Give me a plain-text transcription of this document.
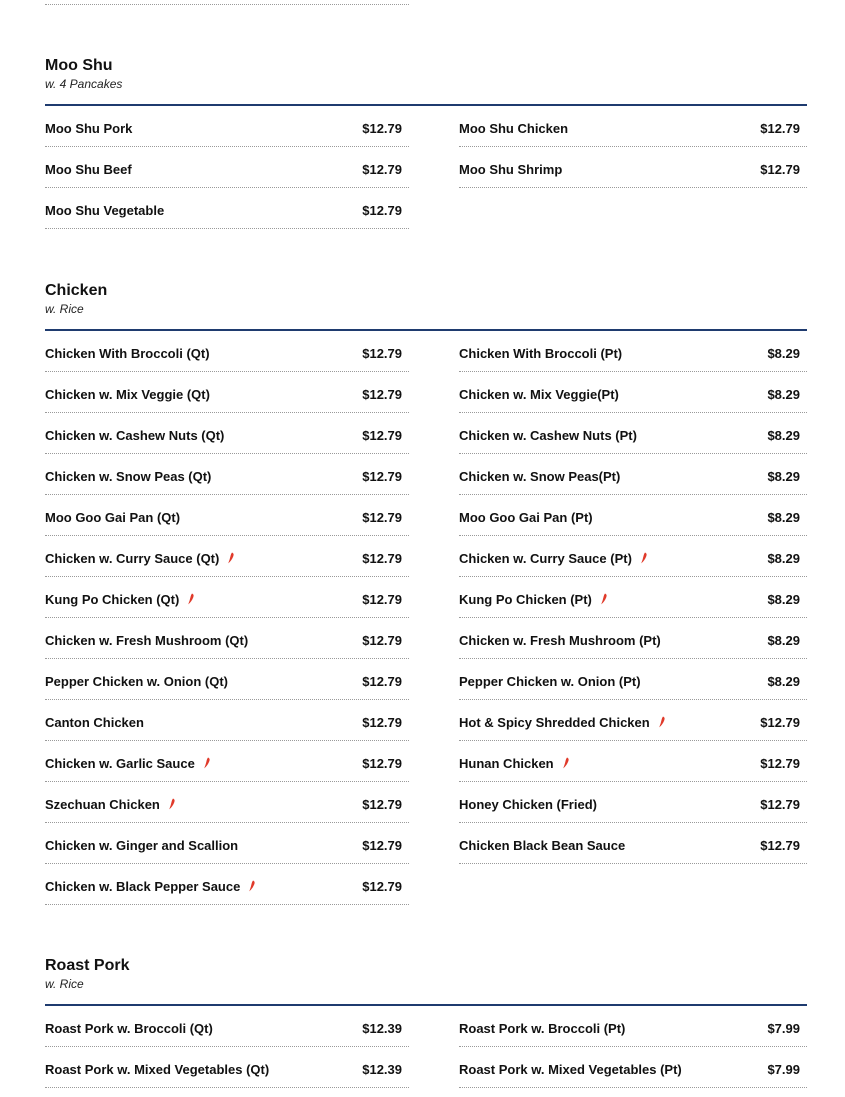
Moo Shu
w. 4 Pancakes
Moo Shu Pork	$12.79
Moo Shu Beef	$12.79
Moo Shu Vegetable	$12.79
Moo Shu Chicken	$12.79
Moo Shu Shrimp	$12.79
Chicken
w. Rice
Chicken With Broccoli (Qt)	$12.79
Chicken w. Mix Veggie (Qt)	$12.79
Chicken w. Cashew Nuts (Qt)	$12.79
Chicken w. Snow Peas (Qt)	$12.79
Moo Goo Gai Pan (Qt)	$12.79
Chicken w. Curry Sauce (Qt)	$12.79
Kung Po Chicken (Qt)	$12.79
Chicken w. Fresh Mushroom (Qt)	$12.79
Pepper Chicken w. Onion (Qt)	$12.79
Canton Chicken	$12.79
Chicken w. Garlic Sauce	$12.79
Szechuan Chicken	$12.79
Chicken w. Ginger and Scallion	$12.79
Chicken w. Black Pepper Sauce	$12.79
Chicken With Broccoli (Pt)	$8.29
Chicken w. Mix Veggie(Pt)	$8.29
Chicken w. Cashew Nuts (Pt)	$8.29
Chicken w. Snow Peas(Pt)	$8.29
Moo Goo Gai Pan (Pt)	$8.29
Chicken w. Curry Sauce (Pt)	$8.29
Kung Po Chicken (Pt)	$8.29
Chicken w. Fresh Mushroom (Pt)	$8.29
Pepper Chicken w. Onion (Pt)	$8.29
Hot & Spicy Shredded Chicken	$12.79
Hunan Chicken	$12.79
Honey Chicken (Fried)	$12.79
Chicken Black Bean Sauce	$12.79
Roast Pork
w. Rice
Roast Pork w. Broccoli (Qt)	$12.39
Roast Pork w. Mixed Vegetables (Qt)	$12.39
Roast Pork w. Broccoli (Pt)	$7.99
Roast Pork w. Mixed Vegetables (Pt)	$7.99
